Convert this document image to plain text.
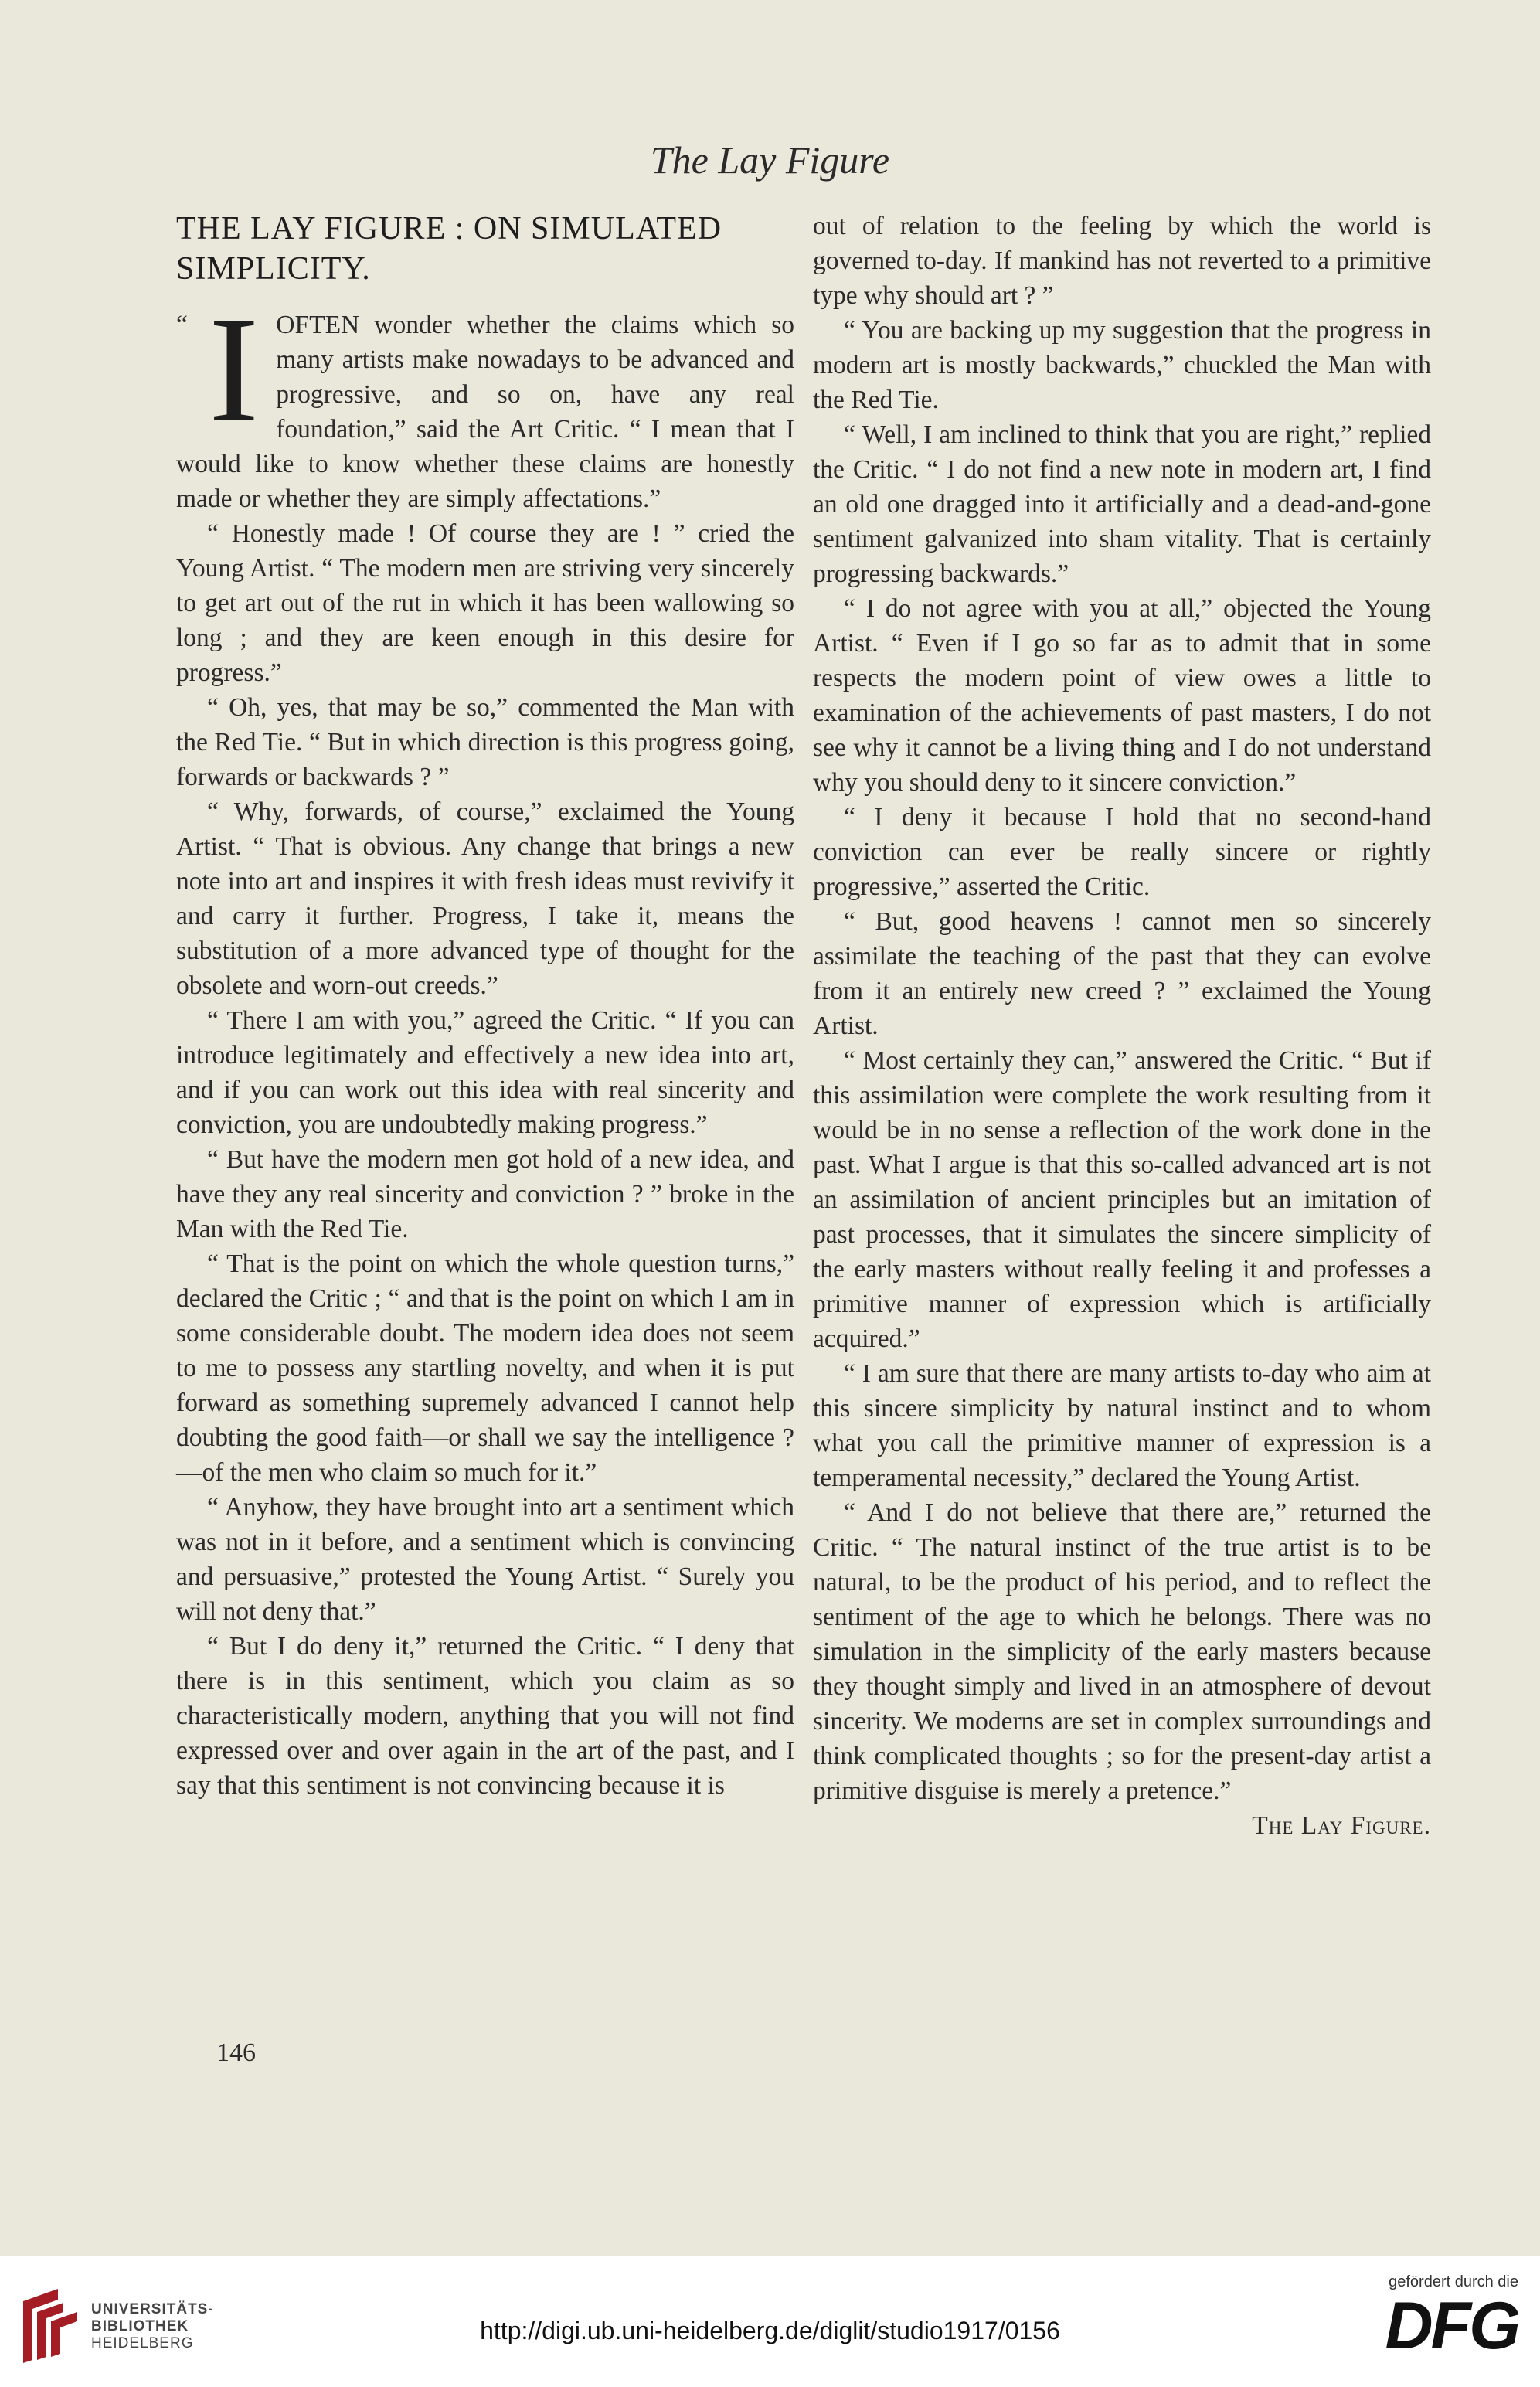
The Lay Figure
THE LAY FIGURE : ON SIMULATED SIMPLICITY.
“ I OFTEN wonder whether the claims which so many artists make nowadays to be advanced and progressive, and so on, have any real foundation,” said the Art Critic. “ I mean that I would like to know whether these claims are honestly made or whether they are simply affectations.”

“ Honestly made ! Of course they are ! ” cried the Young Artist. “ The modern men are striving very sincerely to get art out of the rut in which it has been wallowing so long ; and they are keen enough in this desire for progress.”

“ Oh, yes, that may be so,” commented the Man with the Red Tie. “ But in which direction is this progress going, forwards or backwards ? ”

“ Why, forwards, of course,” exclaimed the Young Artist. “ That is obvious. Any change that brings a new note into art and inspires it with fresh ideas must revivify it and carry it further. Progress, I take it, means the substitution of a more advanced type of thought for the obsolete and worn-out creeds.”

“ There I am with you,” agreed the Critic. “ If you can introduce legitimately and effectively a new idea into art, and if you can work out this idea with real sincerity and conviction, you are undoubtedly making progress.”

“ But have the modern men got hold of a new idea, and have they any real sincerity and conviction ? ” broke in the Man with the Red Tie.

“ That is the point on which the whole question turns,” declared the Critic ; “ and that is the point on which I am in some considerable doubt. The modern idea does not seem to me to possess any startling novelty, and when it is put forward as something supremely advanced I cannot help doubting the good faith—or shall we say the intelligence ?—of the men who claim so much for it.”

“ Anyhow, they have brought into art a sentiment which was not in it before, and a sentiment which is convincing and persuasive,” protested the Young Artist. “ Surely you will not deny that.”

“ But I do deny it,” returned the Critic. “ I deny that there is in this sentiment, which you claim as so characteristically modern, anything that you will not find expressed over and over again in the art of the past, and I say that this sentiment is not convincing because it is

out of relation to the feeling by which the world is governed to-day. If mankind has not reverted to a primitive type why should art ? ”

“ You are backing up my suggestion that the progress in modern art is mostly backwards,” chuckled the Man with the Red Tie.

“ Well, I am inclined to think that you are right,” replied the Critic. “ I do not find a new note in modern art, I find an old one dragged into it artificially and a dead-and-gone sentiment galvanized into sham vitality. That is certainly progressing backwards.”

“ I do not agree with you at all,” objected the Young Artist. “ Even if I go so far as to admit that in some respects the modern point of view owes a little to examination of the achievements of past masters, I do not see why it cannot be a living thing and I do not understand why you should deny to it sincere conviction.”

“ I deny it because I hold that no second-hand conviction can ever be really sincere or rightly progressive,” asserted the Critic.

“ But, good heavens ! cannot men so sincerely assimilate the teaching of the past that they can evolve from it an entirely new creed ? ” exclaimed the Young Artist.

“ Most certainly they can,” answered the Critic. “ But if this assimilation were complete the work resulting from it would be in no sense a reflection of the work done in the past. What I argue is that this so-called advanced art is not an assimilation of ancient principles but an imitation of past processes, that it simulates the sincere simplicity of the early masters without really feeling it and professes a primitive manner of expression which is artificially acquired.”

“ I am sure that there are many artists to-day who aim at this sincere simplicity by natural instinct and to whom what you call the primitive manner of expression is a temperamental necessity,” declared the Young Artist.

“ And I do not believe that there are,” returned the Critic. “ The natural instinct of the true artist is to be natural, to be the product of his period, and to reflect the sentiment of the age to which he belongs. There was no simulation in the simplicity of the early masters because they thought simply and lived in an atmosphere of devout sincerity. We moderns are set in complex surroundings and think complicated thoughts ; so for the present-day artist a primitive disguise is merely a pretence.”

The Lay Figure.

146
UNIVERSITÄTS-
BIBLIOTHEK
HEIDELBERG	http://digi.ub.uni-heidelberg.de/diglit/studio1917/0156
gefördert durch die
DFG
